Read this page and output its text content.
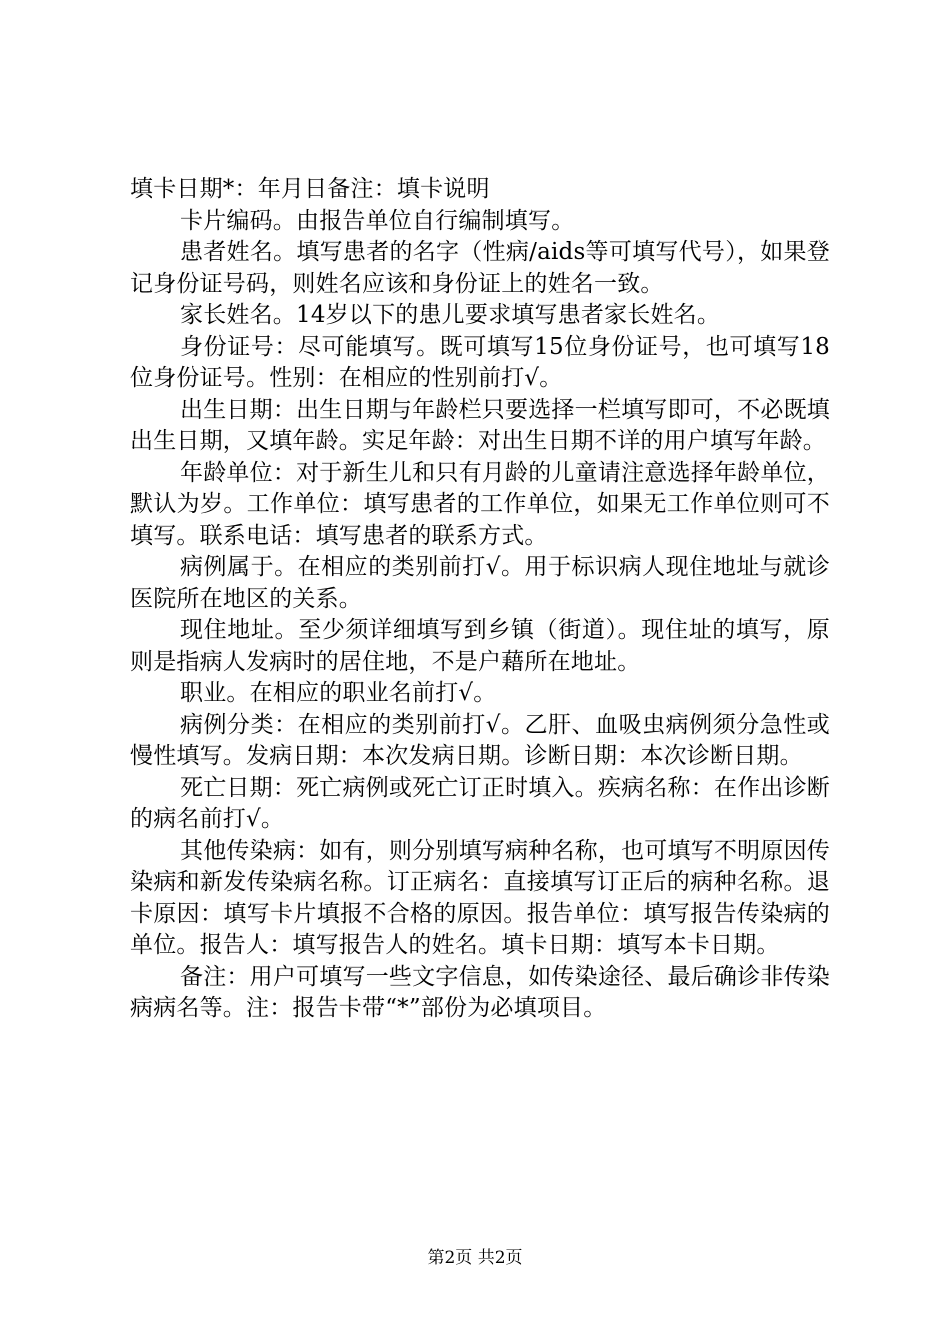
填卡日期*：年月日备注：填卡说明

卡片编码。由报告单位自行编制填写。

患者姓名。填写患者的名字（性病/aids等可填写代号），如果登记身份证号码，则姓名应该和身份证上的姓名一致。

家长姓名。14岁以下的患儿要求填写患者家长姓名。

身份证号：尽可能填写。既可填写15位身份证号，也可填写18位身份证号。性别：在相应的性别前打√。

出生日期：出生日期与年龄栏只要选择一栏填写即可，不必既填出生日期，又填年龄。实足年龄：对出生日期不详的用户填写年龄。

年龄单位：对于新生儿和只有月龄的儿童请注意选择年龄单位，默认为岁。工作单位：填写患者的工作单位，如果无工作单位则可不填写。联系电话：填写患者的联系方式。

病例属于。在相应的类别前打√。用于标识病人现住地址与就诊医院所在地区的关系。

现住地址。至少须详细填写到乡镇（街道）。现住址的填写，原则是指病人发病时的居住地，不是户藉所在地址。

职业。在相应的职业名前打√。

病例分类：在相应的类别前打√。乙肝、血吸虫病例须分急性或慢性填写。发病日期：本次发病日期。诊断日期：本次诊断日期。

死亡日期：死亡病例或死亡订正时填入。疾病名称：在作出诊断的病名前打√。

其他传染病：如有，则分别填写病种名称，也可填写不明原因传染病和新发传染病名称。订正病名：直接填写订正后的病种名称。退卡原因：填写卡片填报不合格的原因。报告单位：填写报告传染病的单位。报告人：填写报告人的姓名。填卡日期：填写本卡日期。

备注：用户可填写一些文字信息，如传染途径、最后确诊非传染病病名等。注：报告卡带“*”部份为必填项目。

第2页 共2页
